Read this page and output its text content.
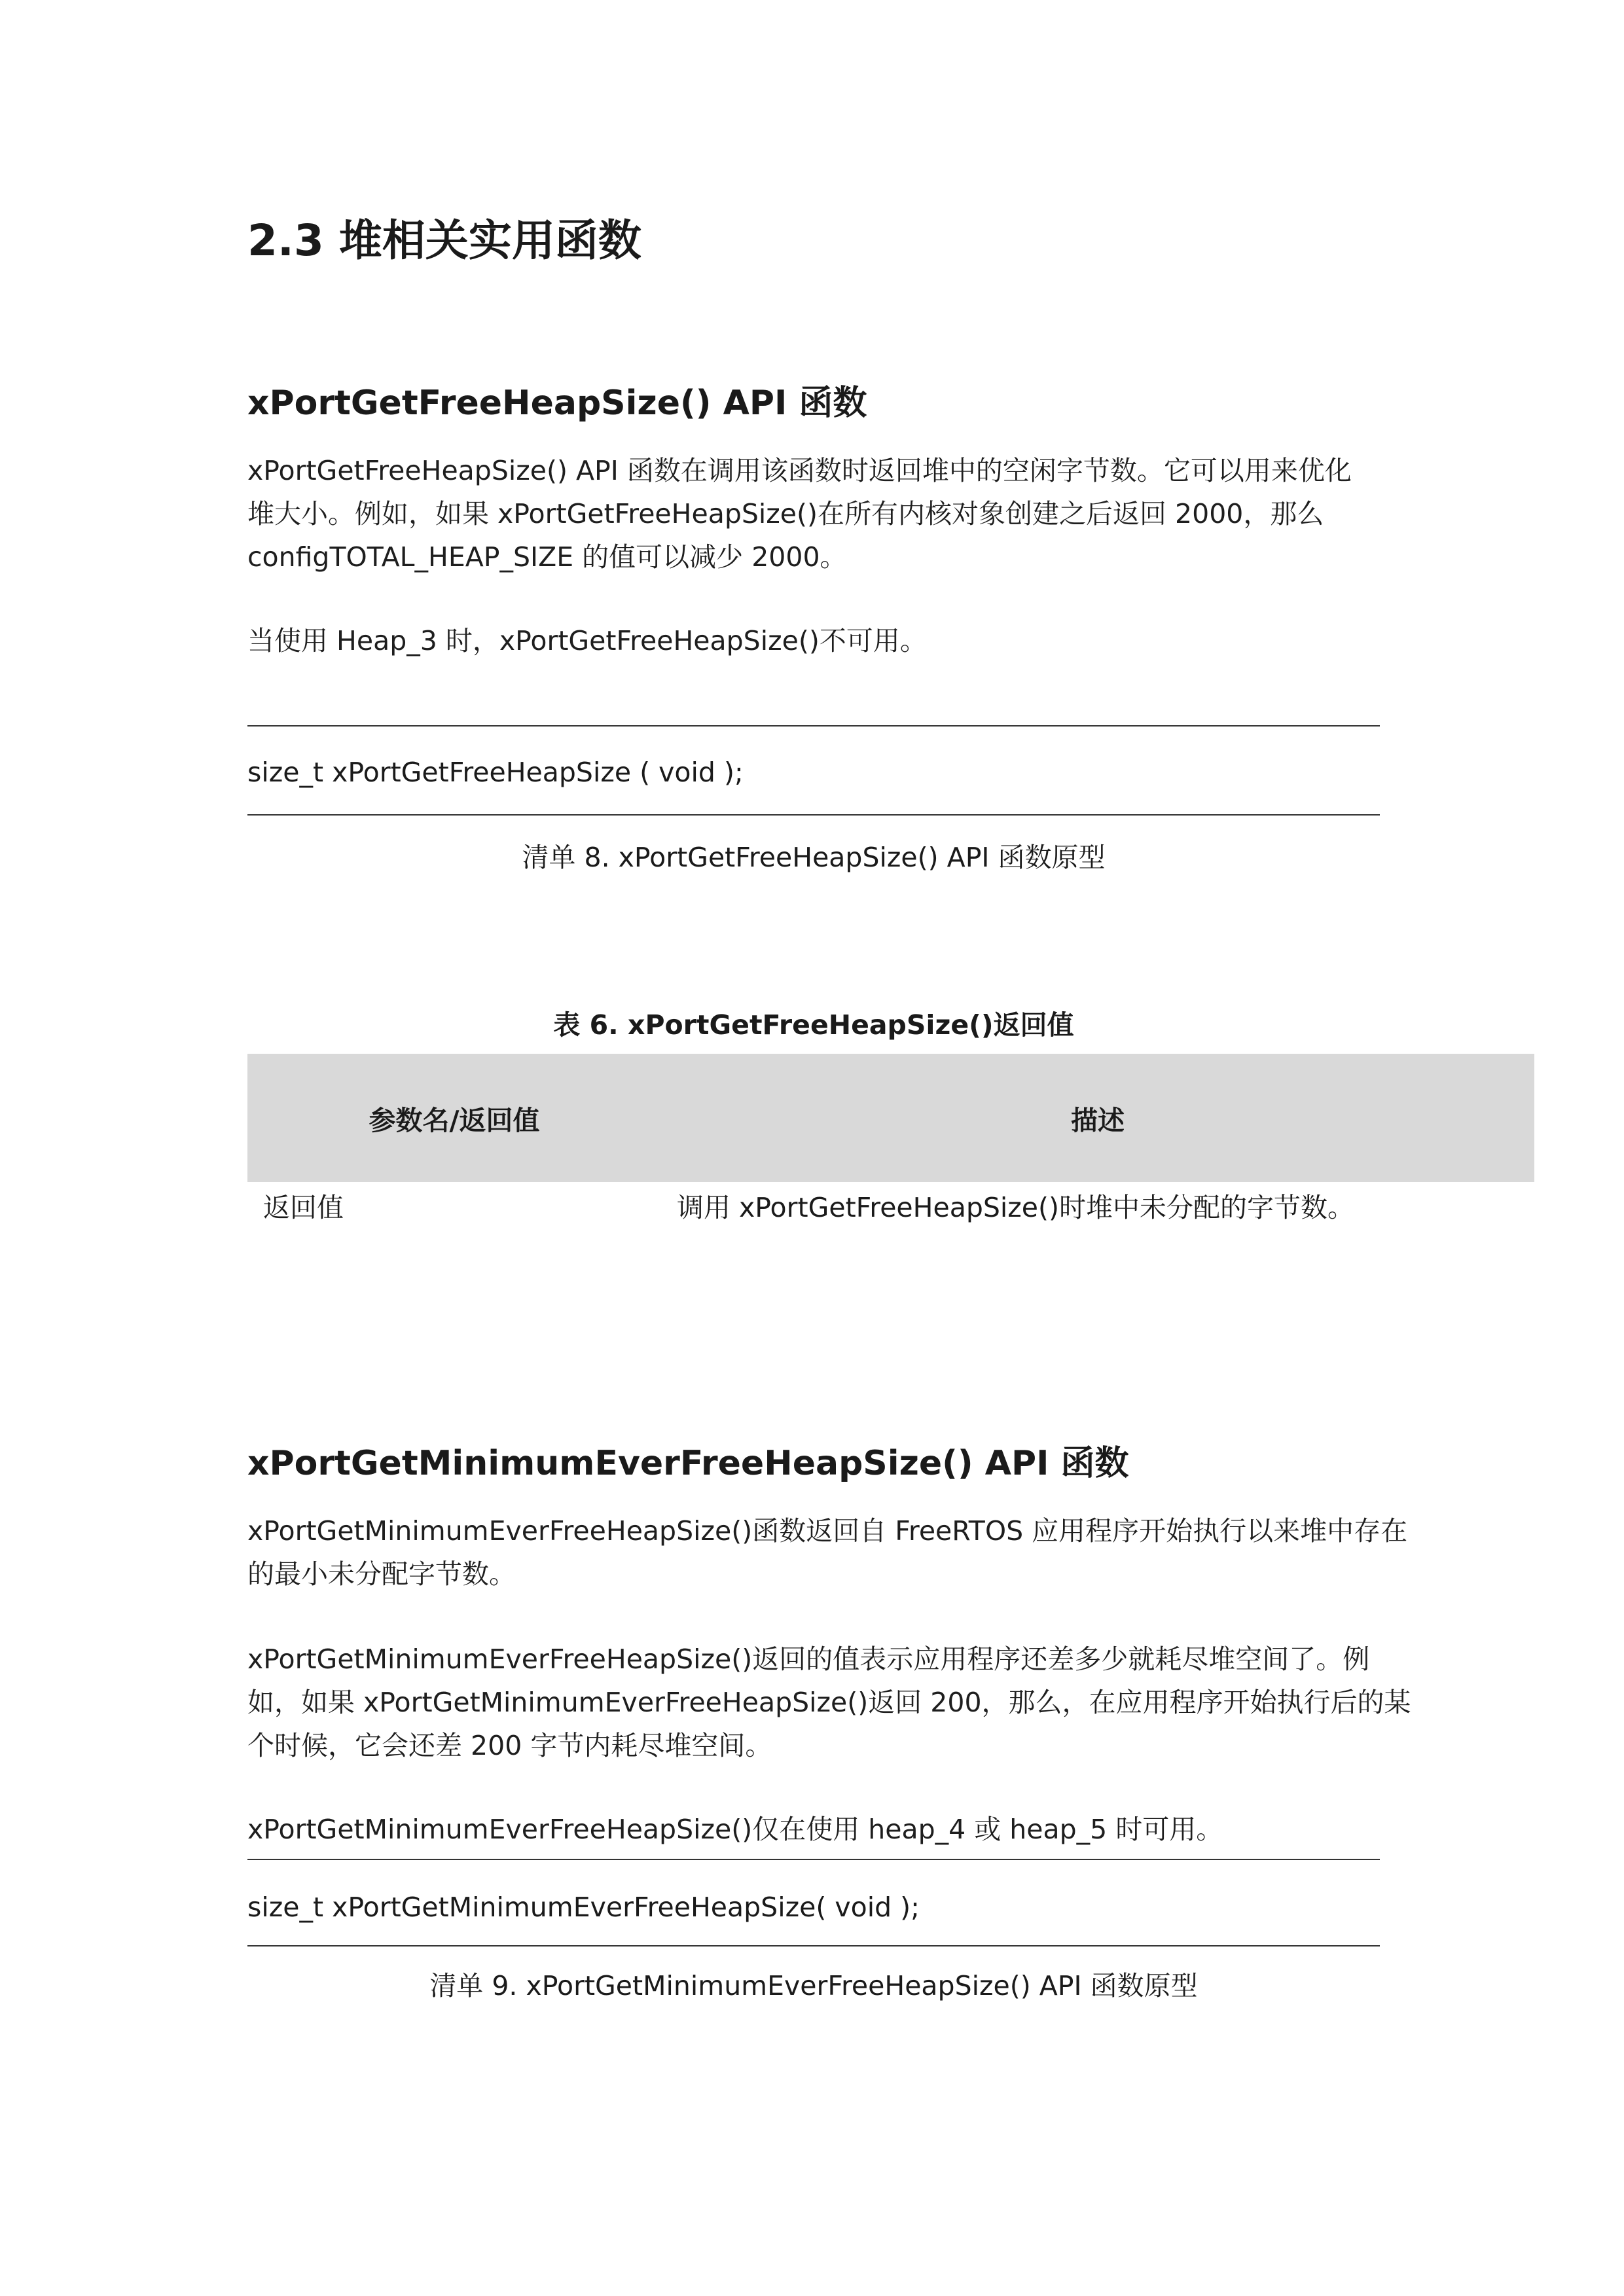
2.3 堆相关实用函数
xPortGetFreeHeapSize() API 函数

xPortGetFreeHeapSize() API 函数在调用该函数时返回堆中的空闲字节数。它可以用来优化

堆大小。例如，如果 xPortGetFreeHeapSize()在所有内核对象创建之后返回 2000，那么

configTOTAL_HEAP_SIZE 的值可以减少 2000。

当使用 Heap_3 时，xPortGetFreeHeapSize()不可用。
size_t xPortGetFreeHeapSize ( void );
清单 8. xPortGetFreeHeapSize() API 函数原型
表 6. xPortGetFreeHeapSize()返回值
参数名/返回值	描述
返回值	调用 xPortGetFreeHeapSize()时堆中未分配的字节数。
xPortGetMinimumEverFreeHeapSize() API 函数

xPortGetMinimumEverFreeHeapSize()函数返回自 FreeRTOS 应用程序开始执行以来堆中存在

的最小未分配字节数。

xPortGetMinimumEverFreeHeapSize()返回的值表示应用程序还差多少就耗尽堆空间了。例

如，如果 xPortGetMinimumEverFreeHeapSize()返回 200，那么，在应用程序开始执行后的某

个时候，它会还差 200 字节内耗尽堆空间。

xPortGetMinimumEverFreeHeapSize()仅在使用 heap_4 或 heap_5 时可用。
size_t xPortGetMinimumEverFreeHeapSize( void );
清单 9. xPortGetMinimumEverFreeHeapSize() API 函数原型
